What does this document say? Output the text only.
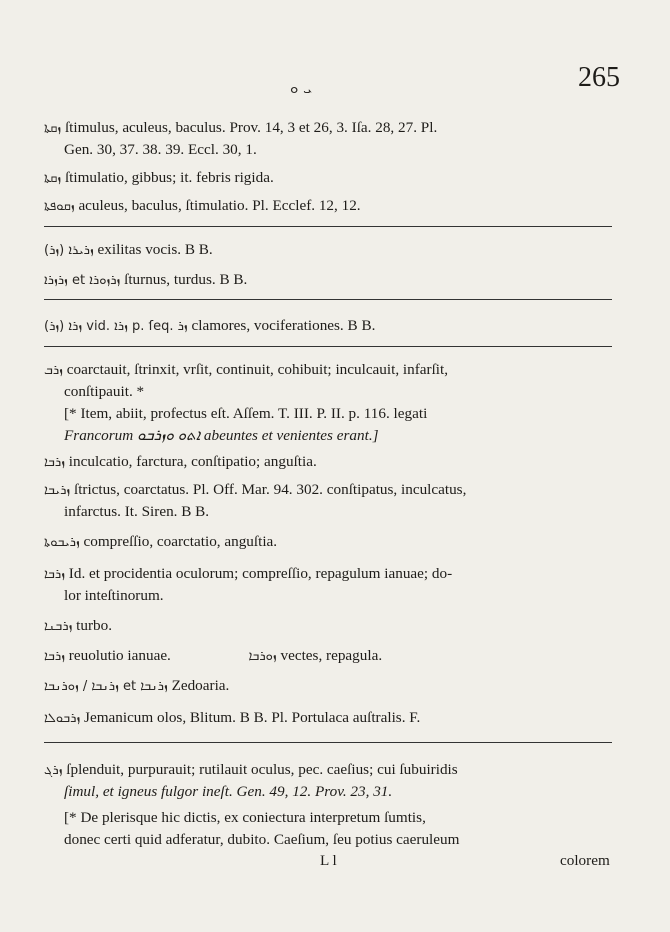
ܝ ܘ	265
ܙܩܬܐ ſtimulus, aculeus, baculus. Prov. 14, 3 et 26, 3. Iſa. 28, 27. Pl.
Gen. 30, 37. 38. 39. Eccl. 30, 1.
ܙܩܬܐ ſtimulatio, gibbus; it. febris rigida.
ܙܩܘܦܬܐ aculeus, baculus, ſtimulatio. Pl. Ecclef. 12, 12.
(ܙܪ) ܙܪܝܪܐ exilitas vocis. B B.
ܙܪܙܪܐ et ܙܪܙܘܪܐ ſturnus, turdus. B B.
(ܙܪ) ܙܪܐ vid. ܙܪܐ p. ſeq. ܙܪ clamores, vociferationes. B B.
ܙܪܒ coarctauit, ſtrinxit, vrſit, continuit, cohibuit; inculcauit, infarſit,
conſtipauit. *
[* Item, abiit, profectus eſt. Aſſem. T. III. P. II. p. 116. legati
Francorum ܐܬܘ ܘܙܪܒܘ abeuntes et venientes erant.]
ܙܪܒܐ inculcatio, farctura, conſtipatio; anguſtia.
ܙܪܝܒܐ ſtrictus, coarctatus. Pl. Off. Mar. 94. 302. conſtipatus, inculcatus,
infarctus. It. Siren. B B.
ܙܪܝܒܘܬܐ compreſſio, coarctatio, anguſtia.
ܙܪܒܐ Id. et procidentia oculorum; compreſſio, repagulum ianuae; do-
lor inteſtinorum.
ܙܪܒܢܐ turbo.
ܙܪܒܐ reuolutio ianuae.	ܙܘܪܒܐ vectes, repagula.
ܙܪܢܒܐ / ܙܘܪܢܒܐ et ܙܪܢܒܐ Zedoaria.
ܙܪܒܘܠܐ Jemanicum olos, Blitum. B B. Pl. Portulaca auſtralis. F.
ܙܪܓ ſplenduit, purpurauit; rutilauit oculus, pec. caeſius; cui ſubuiridis
ſimul, et igneus fulgor ineſt. Gen. 49, 12. Prov. 23, 31.
[* De plerisque hic dictis, ex coniectura interpretum ſumtis,
donec certi quid adferatur, dubito. Caeſium, ſeu potius caeruleum
L l	colorem
